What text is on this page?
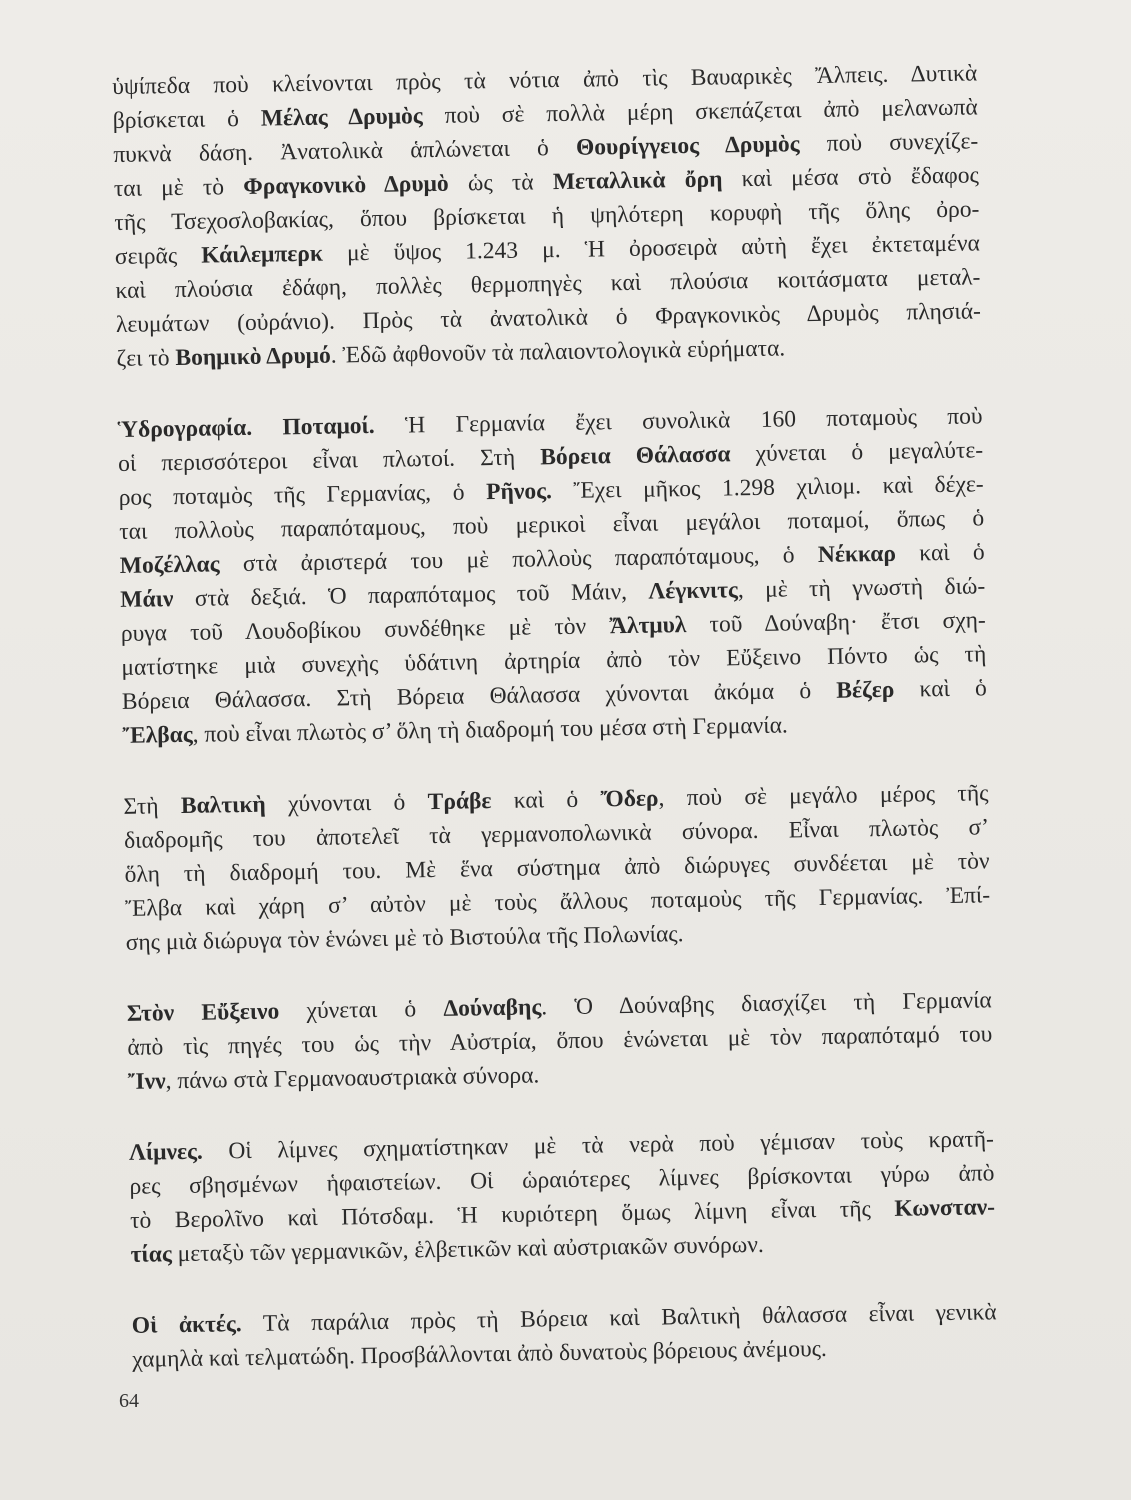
ὑψίπεδα ποὺ κλείνονται πρὸς τὰ νότια ἀπὸ τὶς Βαυαρικὲς Ἄλπεις. Δυτικὰ
βρίσκεται ὁ Μέλας Δρυμὸς ποὺ σὲ πολλὰ μέρη σκεπάζεται ἀπὸ μελανωπὰ
πυκνὰ δάση. Ἀνατολικὰ ἁπλώνεται ὁ Θουρίγγειος Δρυμὸς ποὺ συνεχίζε-
ται μὲ τὸ Φραγκονικὸ Δρυμὸ ὡς τὰ Μεταλλικὰ ὄρη καὶ μέσα στὸ ἔδαφος
τῆς Τσεχοσλοβακίας, ὅπου βρίσκεται ἡ ψηλότερη κορυφὴ τῆς ὅλης ὀρο-
σειρᾶς Κάιλεμπερκ μὲ ὕψος 1.243 μ. Ἡ ὀροσειρὰ αὐτὴ ἔχει ἐκτεταμένα
καὶ πλούσια ἐδάφη, πολλὲς θερμοπηγὲς καὶ πλούσια κοιτάσματα μεταλ-
λευμάτων (οὐράνιο). Πρὸς τὰ ἀνατολικὰ ὁ Φραγκονικὸς Δρυμὸς πλησιά-
ζει τὸ Βοημικὸ Δρυμό. Ἐδῶ ἀφθονοῦν τὰ παλαιοντολογικὰ εὑρήματα.
Ὑδρογραφία. Ποταμοί. Ἡ Γερμανία ἔχει συνολικὰ 160 ποταμοὺς ποὺ
οἱ περισσότεροι εἶναι πλωτοί. Στὴ Βόρεια Θάλασσα χύνεται ὁ μεγαλύτε-
ρος ποταμὸς τῆς Γερμανίας, ὁ Ρῆνος. Ἔχει μῆκος 1.298 χιλιομ. καὶ δέχε-
ται πολλοὺς παραπόταμους, ποὺ μερικοὶ εἶναι μεγάλοι ποταμοί, ὅπως ὁ
Μοζέλλας στὰ ἀριστερά του μὲ πολλοὺς παραπόταμους, ὁ Νέκκαρ καὶ ὁ
Μάιν στὰ δεξιά. Ὁ παραπόταμος τοῦ Μάιν, Λέγκνιτς, μὲ τὴ γνωστὴ διώ-
ρυγα τοῦ Λουδοβίκου συνδέθηκε μὲ τὸν Ἄλτμυλ τοῦ Δούναβη· ἔτσι σχη-
ματίστηκε μιὰ συνεχὴς ὑδάτινη ἀρτηρία ἀπὸ τὸν Εὔξεινο Πόντο ὡς τὴ
Βόρεια Θάλασσα. Στὴ Βόρεια Θάλασσα χύνονται ἀκόμα ὁ Βέζερ καὶ ὁ
Ἔλβας, ποὺ εἶναι πλωτὸς σ’ ὅλη τὴ διαδρομή του μέσα στὴ Γερμανία.
Στὴ Βαλτικὴ χύνονται ὁ Τράβε καὶ ὁ Ὄδερ, ποὺ σὲ μεγάλο μέρος τῆς
διαδρομῆς του ἀποτελεῖ τὰ γερμανοπολωνικὰ σύνορα. Εἶναι πλωτὸς σ’
ὅλη τὴ διαδρομή του. Μὲ ἕνα σύστημα ἀπὸ διώρυγες συνδέεται μὲ τὸν
Ἔλβα καὶ χάρη σ’ αὐτὸν μὲ τοὺς ἄλλους ποταμοὺς τῆς Γερμανίας. Ἐπί-
σης μιὰ διώρυγα τὸν ἑνώνει μὲ τὸ Βιστούλα τῆς Πολωνίας.
Στὸν Εὔξεινο χύνεται ὁ Δούναβης. Ὁ Δούναβης διασχίζει τὴ Γερμανία
ἀπὸ τὶς πηγές του ὡς τὴν Αὐστρία, ὅπου ἑνώνεται μὲ τὸν παραπόταμό του
Ἴνν, πάνω στὰ Γερμανοαυστριακὰ σύνορα.
Λίμνες. Οἱ λίμνες σχηματίστηκαν μὲ τὰ νερὰ ποὺ γέμισαν τοὺς κρατῆ-
ρες σβησμένων ἡφαιστείων. Οἱ ὡραιότερες λίμνες βρίσκονται γύρω ἀπὸ
τὸ Βερολῖνο καὶ Πότσδαμ. Ἡ κυριότερη ὅμως λίμνη εἶναι τῆς Κωνσταν-
τίας μεταξὺ τῶν γερμανικῶν, ἑλβετικῶν καὶ αὐστριακῶν συνόρων.
Οἱ ἀκτές. Τὰ παράλια πρὸς τὴ Βόρεια καὶ Βαλτικὴ θάλασσα εἶναι γενικὰ
χαμηλὰ καὶ τελματώδη. Προσβάλλονται ἀπὸ δυνατοὺς βόρειους ἀνέμους.
64
